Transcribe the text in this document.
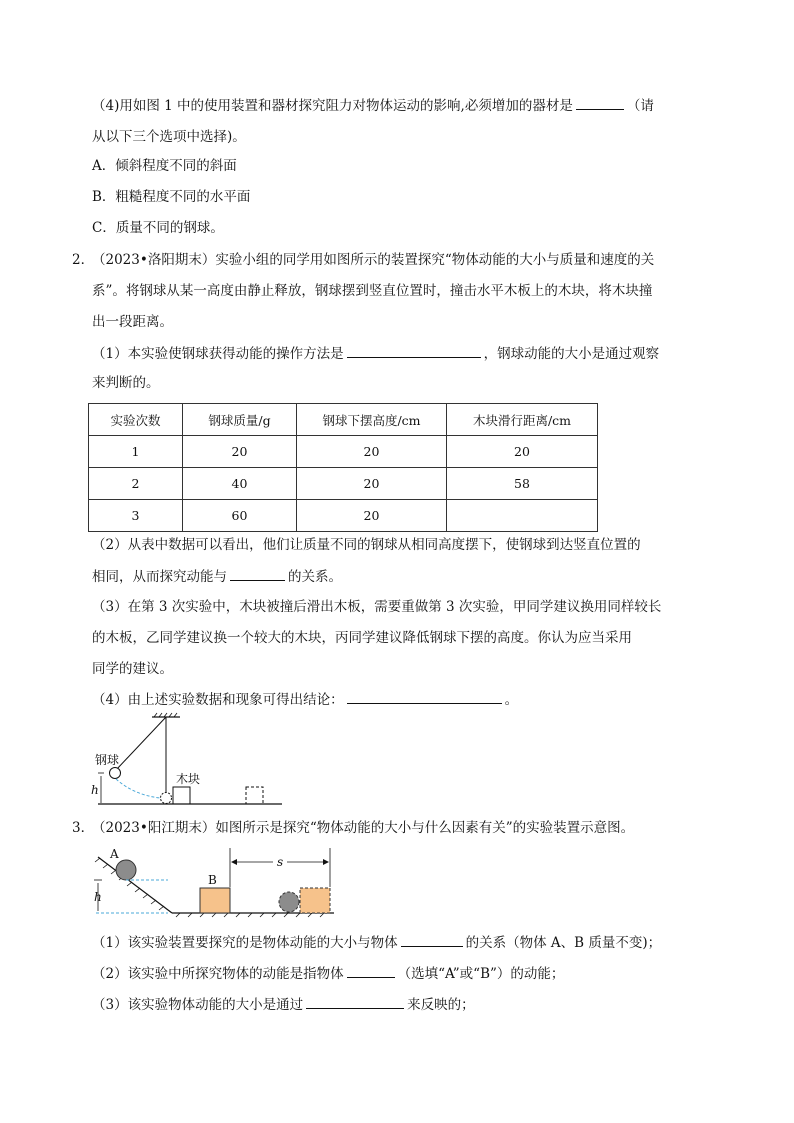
（4)用如图 1 中的使用装置和器材探究阻力对物体运动的影响,必须增加的器材是	（请
从以下三个选项中选择)。
A．倾斜程度不同的斜面
B．粗糙程度不同的水平面
C．质量不同的钢球。
2．
（2023•洛阳期末）实验小组的同学用如图所示的装置探究“物体动能的大小与质量和速度的关
系”。将钢球从某一高度由静止释放，钢球摆到竖直位置时，撞击水平木板上的木块，将木块撞
出一段距离。
（1）本实验使钢球获得动能的操作方法是	，钢球动能的大小是通过观察
来判断的。
实验次数	钢球质量/g	钢球下摆高度/cm	木块滑行距离/cm
1	20	20	20
2	40	20	58
3	60	20	
（2）从表中数据可以看出，他们让质量不同的钢球从相同高度摆下，使钢球到达竖直位置的
相同，从而探究动能与	的关系。
（3）在第 3 次实验中，木块被撞后滑出木板，需要重做第 3 次实验，甲同学建议换用同样较长
的木板，乙同学建议换一个较大的木块，丙同学建议降低钢球下摆的高度。你认为应当采用
同学的建议。
（4）由上述实验数据和现象可得出结论：	。
钢球
木块
h
3．
（2023•阳江期末）如图所示是探究“物体动能的大小与什么因素有关”的实验装置示意图。
A
h
B
s
（1）该实验装置要探究的是物体动能的大小与物体	的关系（物体 A、B 质量不变)；
（2）该实验中所探究物体的动能是指物体	（选填“A”或“B”）的动能；
（3）该实验物体动能的大小是通过	来反映的；
